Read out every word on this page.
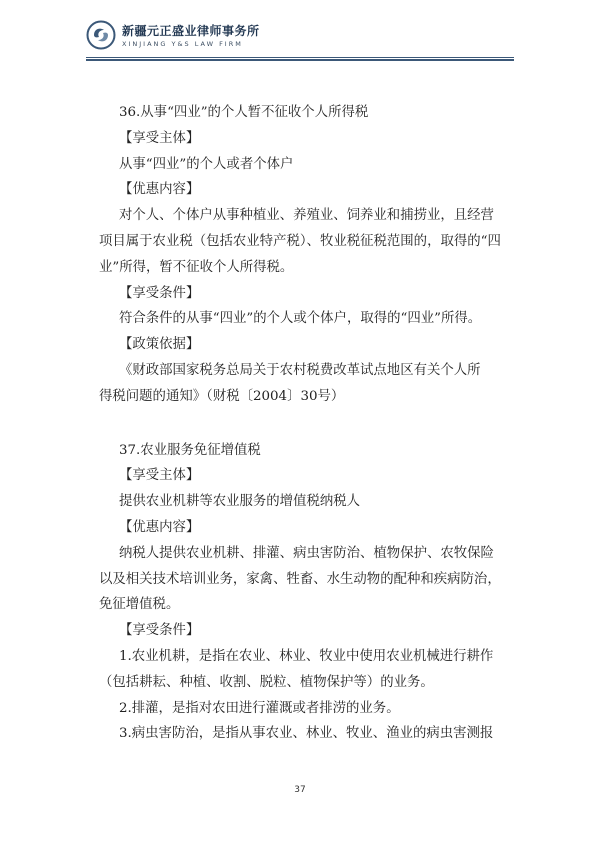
新疆元正盛业律师事务所
XINJIANG Y&S LAW FIRM
36.从事“四业”的个人暂不征收个人所得税
【享受主体】
从事“四业”的个人或者个体户
【优惠内容】
对个人、个体户从事种植业、养殖业、饲养业和捕捞业，且经营
项目属于农业税（包括农业特产税）、牧业税征税范围的，取得的“四
业”所得，暂不征收个人所得税。
【享受条件】
符合条件的从事“四业”的个人或个体户，取得的“四业”所得。
【政策依据】
《财政部国家税务总局关于农村税费改革试点地区有关个人所
得税问题的通知》（财税〔2004〕30号）
37.农业服务免征增值税
【享受主体】
提供农业机耕等农业服务的增值税纳税人
【优惠内容】
纳税人提供农业机耕、排灌、病虫害防治、植物保护、农牧保险
以及相关技术培训业务，家禽、牲畜、水生动物的配种和疾病防治，
免征增值税。
【享受条件】
1.农业机耕，是指在农业、林业、牧业中使用农业机械进行耕作
（包括耕耘、种植、收割、脱粒、植物保护等）的业务。
2.排灌，是指对农田进行灌溉或者排涝的业务。
3.病虫害防治，是指从事农业、林业、牧业、渔业的病虫害测报
37
